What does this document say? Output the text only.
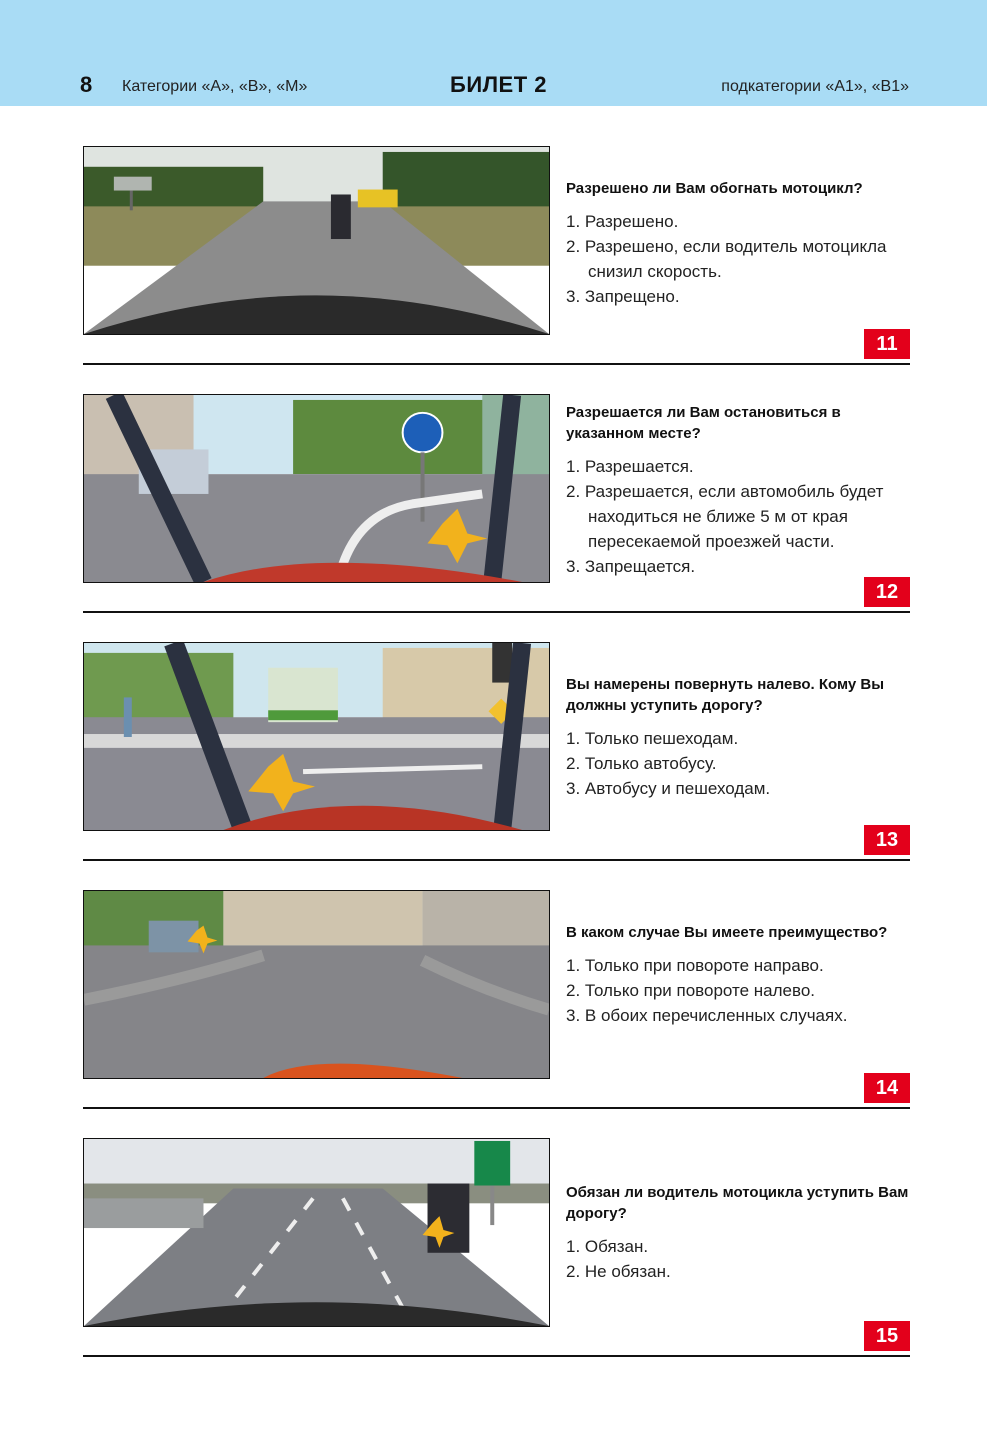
8 Категории «A», «B», «M»	БИЛЕТ 2	подкатегории «A1», «B1»
Разрешено ли Вам обогнать мотоцикл?
1. Разрешено.
2. Разрешено, если водитель мотоцикла снизил скорость.
3. Запрещено.
11
Разрешается ли Вам остановиться в указанном месте?
1. Разрешается.
2. Разрешается, если автомобиль будет находиться не ближе 5 м от края пересекаемой проезжей части.
3. Запрещается.
12
Вы намерены повернуть налево. Кому Вы должны уступить дорогу?
1. Только пешеходам.
2. Только автобусу.
3. Автобусу и пешеходам.
13
В каком случае Вы имеете преимущество?
1. Только при повороте направо.
2. Только при повороте налево.
3. В обоих перечисленных случаях.
14
Обязан ли водитель мотоцикла уступить Вам дорогу?
1. Обязан.
2. Не обязан.
15
